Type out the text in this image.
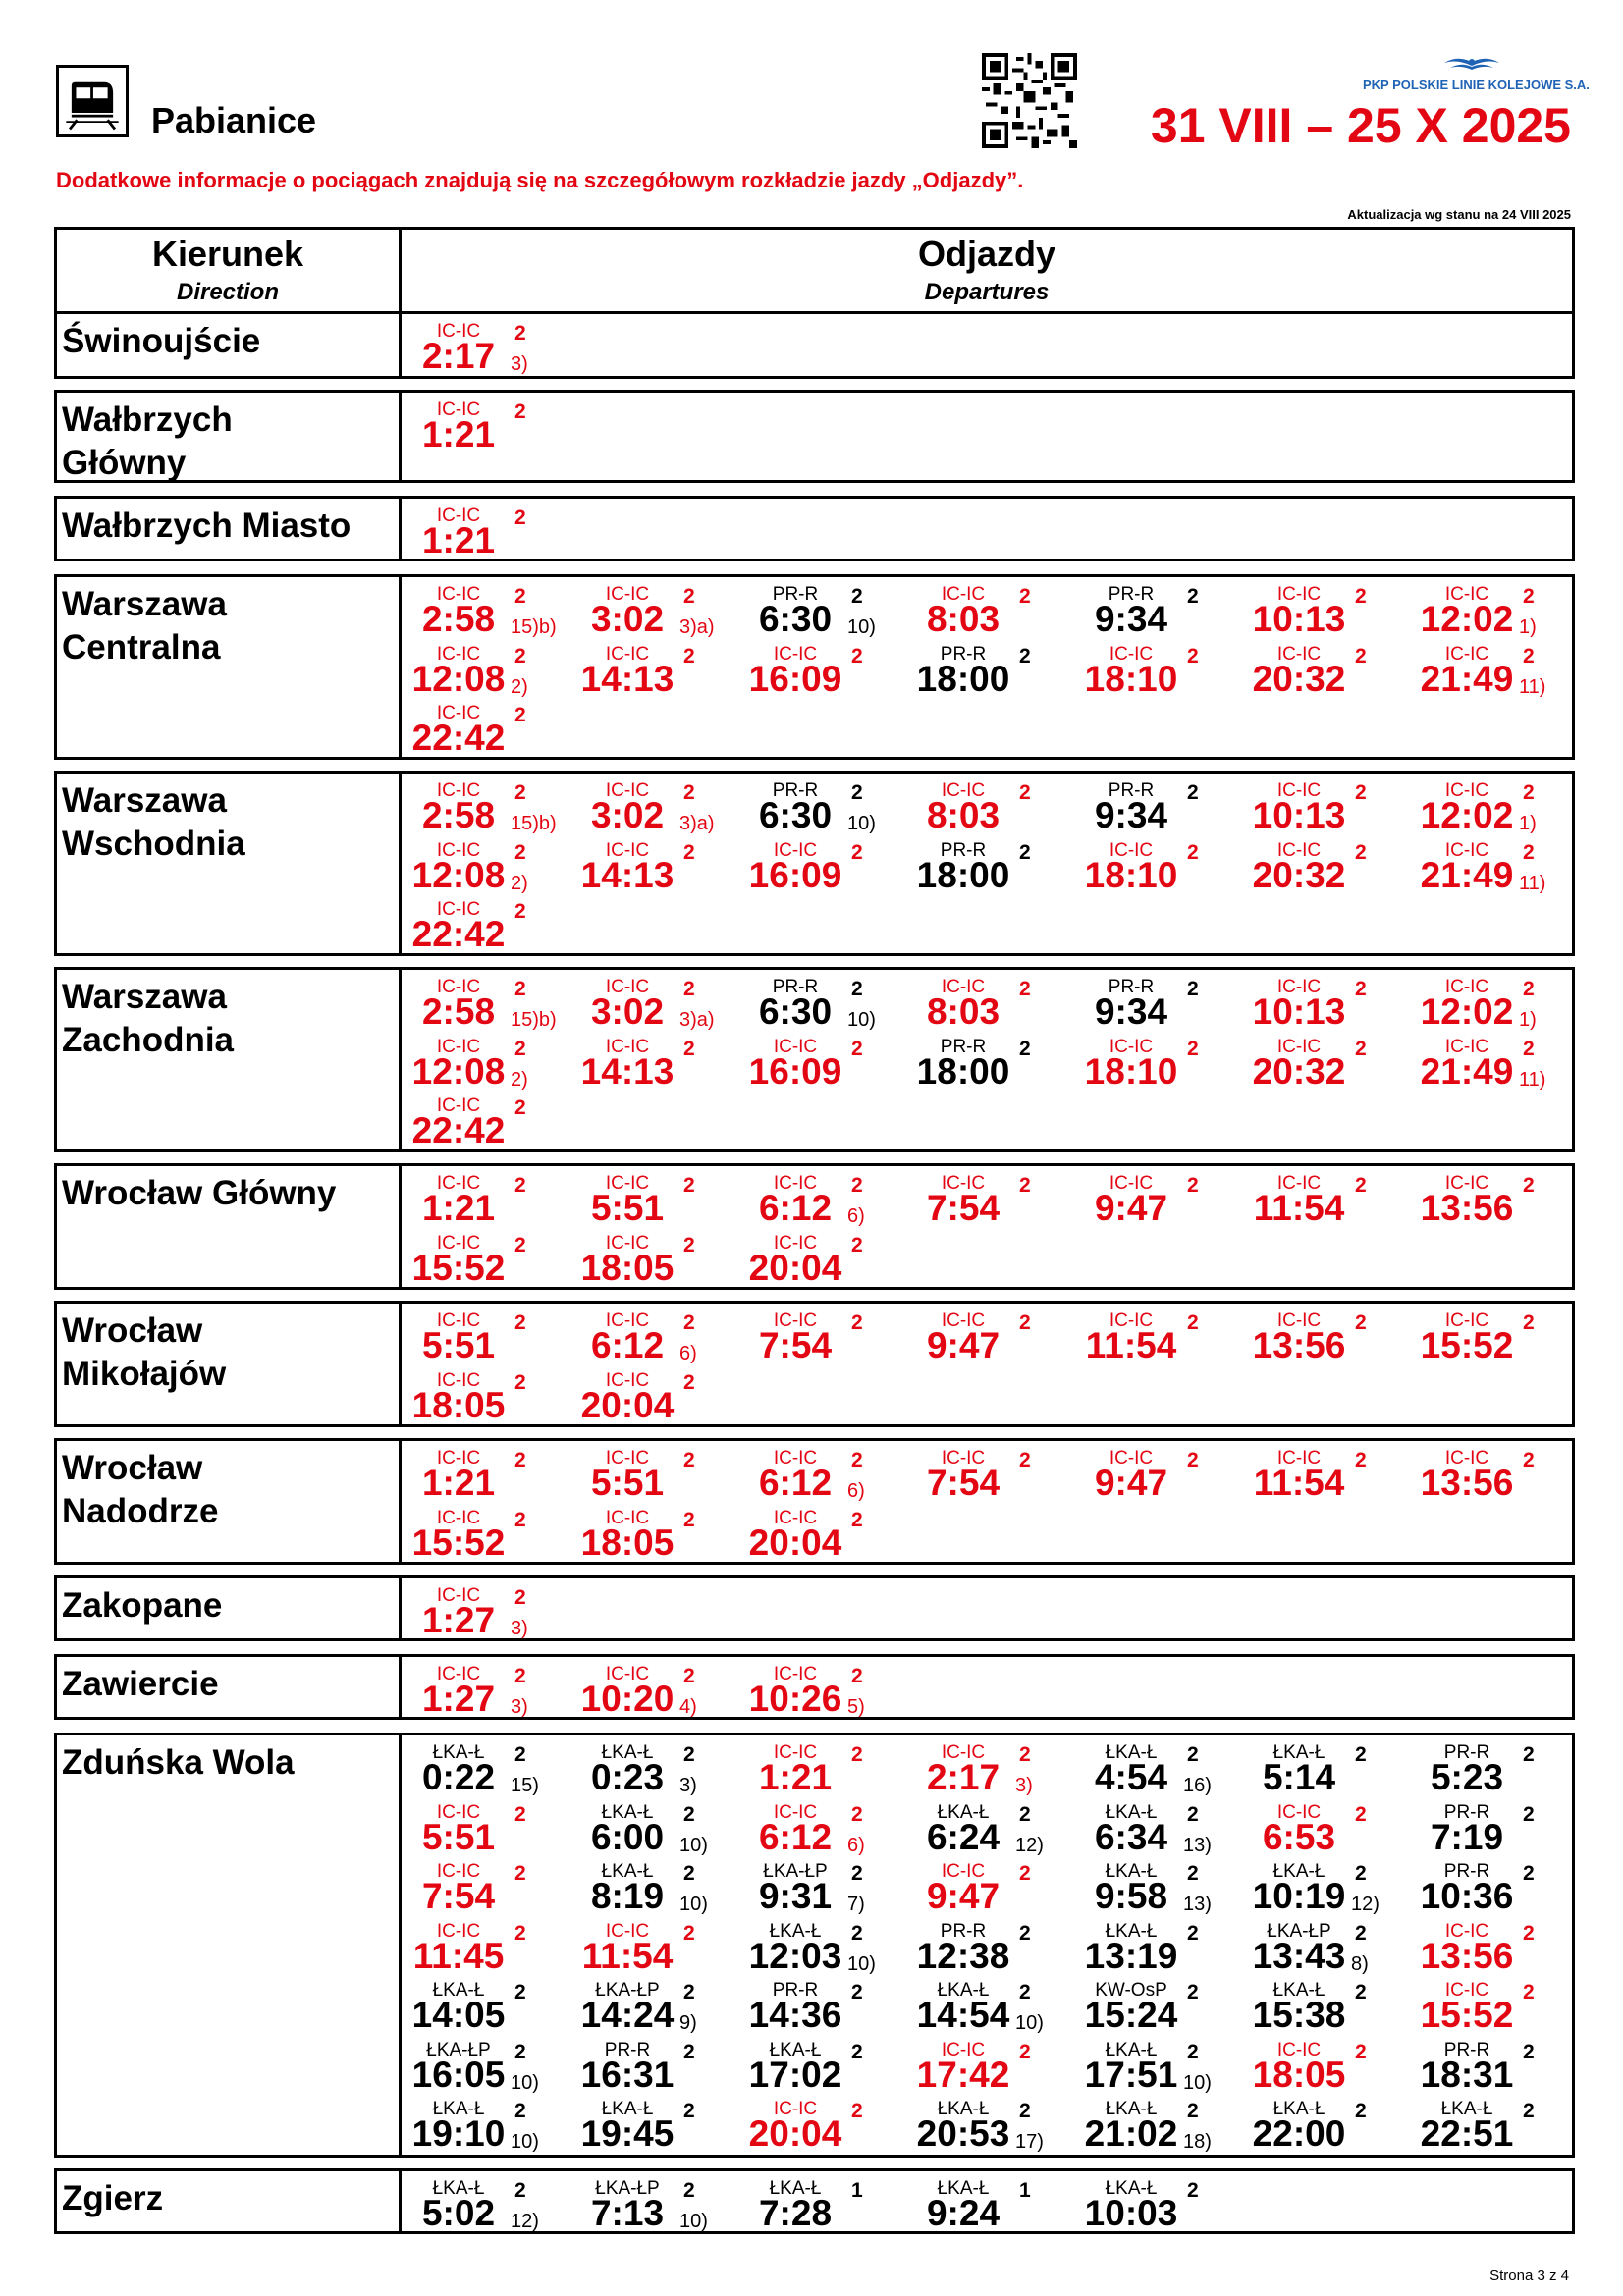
Pabianice
PKP POLSKIE LINIE KOLEJOWE S.A.
31 VIII – 25 X 2025
Dodatkowe informacje o pociągach znajdują się na szczegółowym rozkładzie jazdy „Odjazdy”.
Aktualizacja wg stanu na 24 VIII 2025
Kierunek
Direction
Odjazdy
Departures
Świnoujście	IC-IC	2
2:17 3)
Wałbrzych
Główny
IC-IC	2
1:21
Wałbrzych Miasto	IC-IC	2
1:21
Warszawa
Centralna
IC-IC	2
2:58 15)b)
IC-IC	2
3:02 3)a)
PR-R	2
6:30 10)
IC-IC	2
8:03
PR-R	2
9:34
IC-IC	2
10:13
IC-IC	2
12:02 1)
IC-IC	2
12:08 2)
IC-IC	2
14:13
IC-IC	2
16:09
PR-R	2
18:00
IC-IC	2
18:10
IC-IC	2
20:32
IC-IC	2
21:49 11)
IC-IC	2
22:42
Warszawa
Wschodnia
IC-IC	2
2:58 15)b)
IC-IC	2
3:02 3)a)
PR-R	2
6:30 10)
IC-IC	2
8:03
PR-R	2
9:34
IC-IC	2
10:13
IC-IC	2
12:02 1)
IC-IC	2
12:08 2)
IC-IC	2
14:13
IC-IC	2
16:09
PR-R	2
18:00
IC-IC	2
18:10
IC-IC	2
20:32
IC-IC	2
21:49 11)
IC-IC	2
22:42
Warszawa
Zachodnia
IC-IC	2
2:58 15)b)
IC-IC	2
3:02 3)a)
PR-R	2
6:30 10)
IC-IC	2
8:03
PR-R	2
9:34
IC-IC	2
10:13
IC-IC	2
12:02 1)
IC-IC	2
12:08 2)
IC-IC	2
14:13
IC-IC	2
16:09
PR-R	2
18:00
IC-IC	2
18:10
IC-IC	2
20:32
IC-IC	2
21:49 11)
IC-IC	2
22:42
Wrocław Główny	IC-IC	2
1:21
IC-IC	2
5:51
IC-IC	2
6:12 6)
IC-IC	2
7:54
IC-IC	2
9:47
IC-IC	2
11:54
IC-IC	2
13:56
IC-IC	2
15:52
IC-IC	2
18:05
IC-IC	2
20:04
Wrocław
Mikołajów
IC-IC	2
5:51
IC-IC	2
6:12 6)
IC-IC	2
7:54
IC-IC	2
9:47
IC-IC	2
11:54
IC-IC	2
13:56
IC-IC	2
15:52
IC-IC	2
18:05
IC-IC	2
20:04
Wrocław
Nadodrze
IC-IC	2
1:21
IC-IC	2
5:51
IC-IC	2
6:12 6)
IC-IC	2
7:54
IC-IC	2
9:47
IC-IC	2
11:54
IC-IC	2
13:56
IC-IC	2
15:52
IC-IC	2
18:05
IC-IC	2
20:04
Zakopane	IC-IC	2
1:27 3)
Zawiercie	IC-IC	2
1:27 3)
IC-IC	2
10:20 4)
IC-IC	2
10:26 5)
Zduńska Wola	ŁKA-Ł	2
0:22 15)
ŁKA-Ł	2
0:23 3)
IC-IC	2
1:21
IC-IC	2
2:17 3)
ŁKA-Ł	2
4:54 16)
ŁKA-Ł	2
5:14
PR-R	2
5:23
IC-IC	2
5:51
ŁKA-Ł	2
6:00 10)
IC-IC	2
6:12 6)
ŁKA-Ł	2
6:24 12)
ŁKA-Ł	2
6:34 13)
IC-IC	2
6:53
PR-R	2
7:19
IC-IC	2
7:54
ŁKA-Ł	2
8:19 10)
ŁKA-ŁP	2
9:31 7)
IC-IC	2
9:47
ŁKA-Ł	2
9:58 13)
ŁKA-Ł	2
10:19 12)
PR-R	2
10:36
IC-IC	2
11:45
IC-IC	2
11:54
ŁKA-Ł	2
12:03 10)
PR-R	2
12:38
ŁKA-Ł	2
13:19
ŁKA-ŁP	2
13:43 8)
IC-IC	2
13:56
ŁKA-Ł	2
14:05
ŁKA-ŁP	2
14:24 9)
PR-R	2
14:36
ŁKA-Ł	2
14:54 10)
KW-OsP 2
15:24
ŁKA-Ł	2
15:38
IC-IC	2
15:52
ŁKA-ŁP	2
16:05 10)
PR-R	2
16:31
ŁKA-Ł	2
17:02
IC-IC	2
17:42
ŁKA-Ł	2
17:51 10)
IC-IC	2
18:05
PR-R	2
18:31
ŁKA-Ł	2
19:10 10)
ŁKA-Ł	2
19:45
IC-IC	2
20:04
ŁKA-Ł	2
20:53 17)
ŁKA-Ł	2
21:02 18)
ŁKA-Ł	2
22:00
ŁKA-Ł	2
22:51
Zgierz	ŁKA-Ł	2
5:02 12)
ŁKA-ŁP	2
7:13 10)
ŁKA-Ł	1
7:28
ŁKA-Ł	1
9:24
ŁKA-Ł	2
10:03
Strona 3 z 4
